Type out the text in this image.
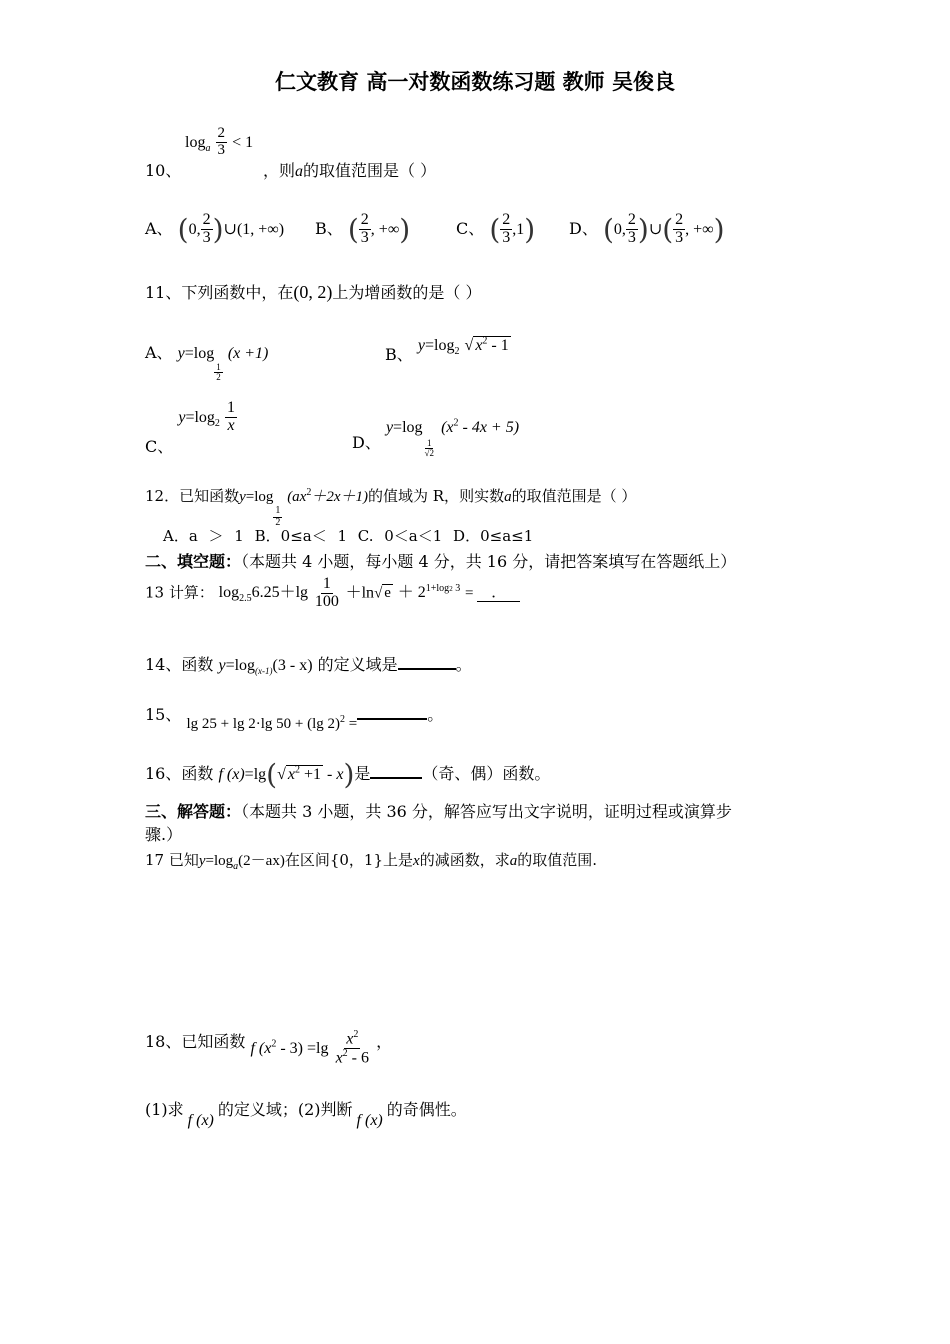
仁文教育 高一对数函数练习题 教师 吴俊良
10、
$\log_a \frac{2}{3} < 1$
，则a的取值范围是（ ）
A、 (0, $\frac{2}{3}$ )∪(1, +∞) B、 ( $\frac{2}{3}$ , +∞)	C、 ( $\frac{2}{3} ,1$) D、 (0, $\frac{2}{3}$ )∪( $\frac{2}{3}$ , +∞)
11、下列函数中，在(0, 2)上为增函数的是（ ）
A、 y=log
$\frac{1}{2}$
(x +1)	B、 $y=\log_2$ √ $x^2 - 1$
C、 $y=\log_2 \frac{1}{x}$
D、 y=log
$\frac{1}{√2}$
$(x^2 - 4x + 5)$
12．已知函数y=log
$\frac{1}{2}$
$(ax^2+2x+1)$的值域为 R，则实数a的取值范围是（ ）
A．a ＞ 1 B．0≤a＜ 1 C. 0＜a＜1 D．0≤a≤1
二、填空题：（本题共 4 小题，每小题 4 分，共 16 分，请把答案填写在答题纸上）
13 计算： $\log_{2.5}6.25+\lg \frac{1}{100} +\ln√$ $e + 2^{1+log2 3}$ = ．
14、函数 $y=\log_{(x-1)}(3 - x)$ 的定义域是	。
15、 lg 25 + lg 2·lg 50 + (lg 2)$^2$ =	。
16、函数 f (x)=lg(√ $x^2 +1 - x$)是	（奇、偶）函数。
三、解答题：（本题共 3 小题，共 36 分，解答应写出文字说明，证明过程或演算步
骤.）
17 已知$y=\log_a(2-ax)$在区间{0，1}上是x的减函数，求a的取值范围.
18、已知函数 f $(x^2 - 3) =\lg \frac{x^2}{x^2 - 6}$ ，
(1)求f (x)的定义域；(2)判断f (x)的奇偶性。
